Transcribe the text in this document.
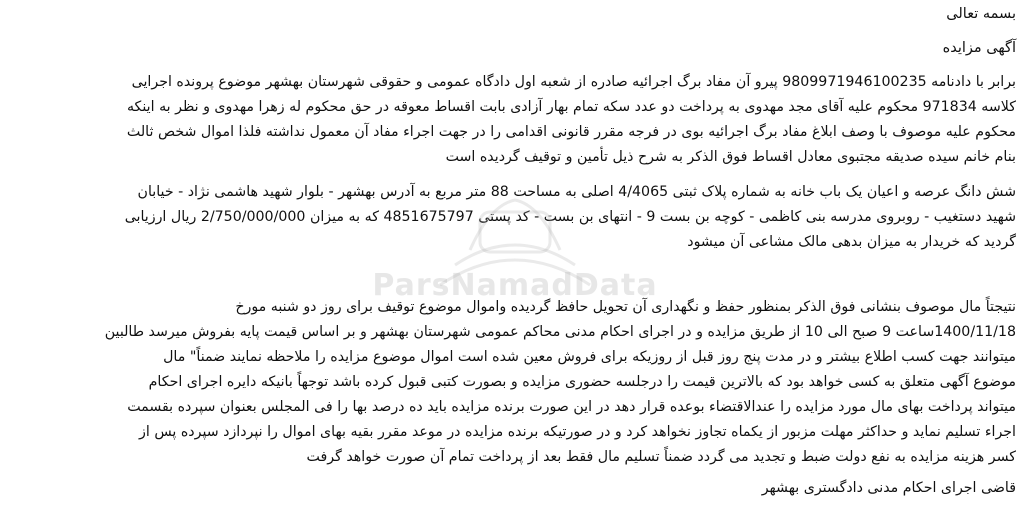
بسمه تعالی
آگهی مزایده
برابر با دادنامه 9809971946100235 پیرو آن مفاد برگ اجرائیه صادره از شعبه اول دادگاه عمومی و حقوقی شهرستان بهشهر موضوع پرونده اجرایی
کلاسه 971834 محکوم علیه آقای مجد مهدوی به پرداخت دو عدد سکه تمام بهار آزادی بابت اقساط معوقه در حق محکوم له زهرا مهدوی و نظر به اینکه
محکوم علیه موصوف با وصف ابلاغ مفاد برگ اجرائیه بوی در فرجه مقرر قانونی اقدامی را در جهت اجراء مفاد آن معمول نداشته فلذا اموال شخص ثالث
بنام خانم سیده صدیقه مجتبوی معادل اقساط فوق الذکر به شرح ذیل تأمین و توقیف گردیده است
شش دانگ عرصه و اعیان یک باب خانه به شماره پلاک ثبتی 4/4065 اصلی به مساحت 88 متر مربع به آدرس بهشهر - بلوار شهید هاشمی نژاد - خیابان
شهید دستغیب - روبروی مدرسه بنی کاظمی - کوچه بن بست 9 - انتهای بن بست - کد پستی 4851675797 که به میزان 2/750/000/000 ریال ارزیابی
گردید که خریدار به میزان بدهی مالک مشاعی آن میشود
نتیجتاً مال موصوف بنشانی فوق الذکر بمنظور حفظ و نگهداری آن تحویل حافظ گردیده واموال موضوع توقیف برای روز دو شنبه مورخ
1400/11/18ساعت 9 صبح الی 10 از طریق مزایده و در اجرای احکام مدنی محاکم عمومی شهرستان بهشهر و بر اساس قیمت پایه بفروش میرسد طالبین
میتوانند جهت کسب اطلاع بیشتر و در مدت پنج روز قبل از روزیکه برای فروش معین شده است اموال موضوع مزایده را ملاحظه نمایند ضمناً" مال
موضوع آگهی متعلق به کسی خواهد بود که بالاترین قیمت را درجلسه حضوری مزایده و بصورت کتبی قبول کرده باشد توجهاً بانیکه دایره اجرای احکام
میتواند پرداخت بهای مال مورد مزایده را عندالاقتضاء بوعده قرار دهد در این صورت برنده مزایده باید ده درصد بها را فی المجلس بعنوان سپرده بقسمت
اجراء تسلیم نماید و حداکثر مهلت مزبور از یکماه تجاوز نخواهد کرد و در صورتیکه برنده مزایده در موعد مقرر بقیه بهای اموال را نپردازد سپرده پس از
کسر هزینه مزایده به نفع دولت ضبط و تجدید می گردد ضمناً تسلیم مال فقط بعد از پرداخت تمام آن صورت خواهد گرفت
قاضی اجرای احکام مدنی دادگستری بهشهر
ParsNamadData
